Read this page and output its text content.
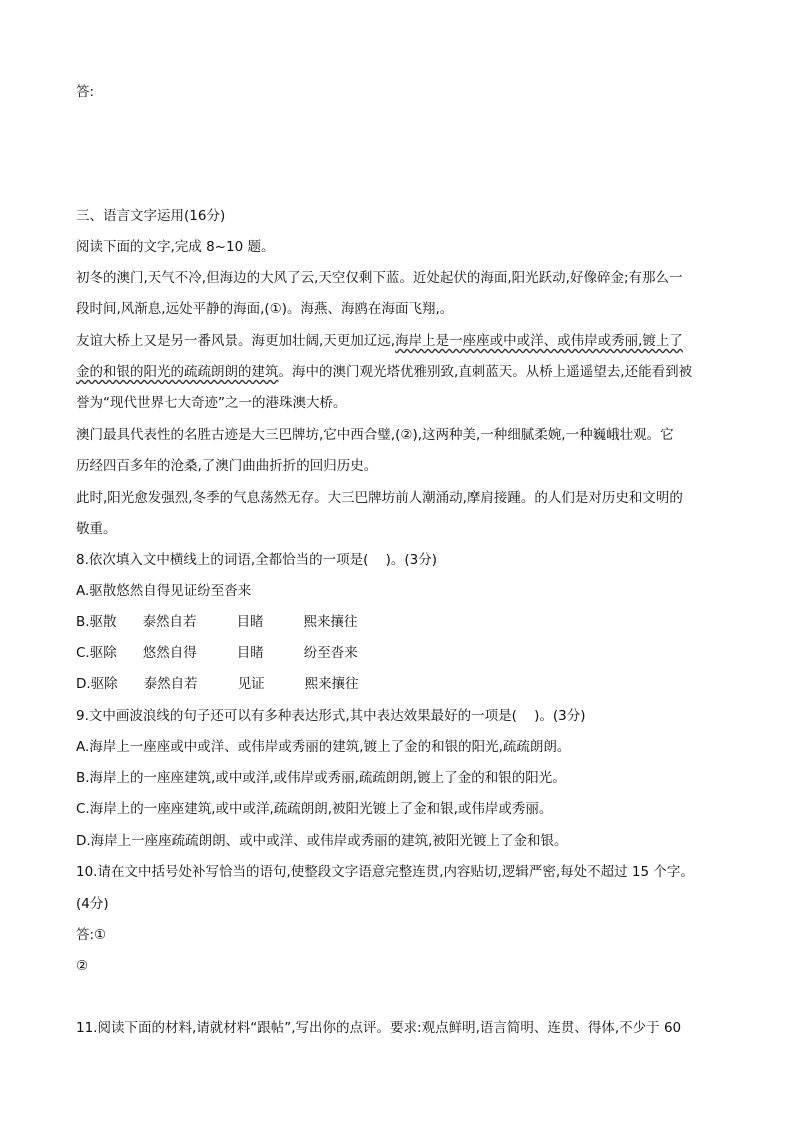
答:
三、语言文字运用(16分)
阅读下面的文字,完成 8~10 题。
初冬的澳门,天气不冷,但海边的大风了云,天空仅剩下蓝。近处起伏的海面,阳光跃动,好像碎金;有那么一
段时间,风渐息,远处平静的海面,(①)。海燕、海鸥在海面飞翔,。
友谊大桥上又是另一番风景。海更加壮阔,天更加辽远,海岸上是一座座或中或洋、或伟岸或秀丽,镀上了
金的和银的阳光的疏疏朗朗的建筑。海中的澳门观光塔优雅别致,直刺蓝天。从桥上遥遥望去,还能看到被
誉为“现代世界七大奇迹”之一的港珠澳大桥。
澳门最具代表性的名胜古迹是大三巴牌坊,它中西合璧,(②),这两种美,一种细腻柔婉,一种巍峨壮观。它
历经四百多年的沧桑,了澳门曲曲折折的回归历史。
此时,阳光愈发强烈,冬季的气息荡然无存。大三巴牌坊前人潮涌动,摩肩接踵。的人们是对历史和文明的
敬重。
8.依次填入文中横线上的词语,全都恰当的一项是(    )。(3分)
A.驱散悠然自得见证纷至沓来
B.驱散 泰然自若	目睹	熙来攘往
C.驱除 悠然自得	目睹	纷至沓来
D.驱除 泰然自若	见证	熙来攘往
9.文中画波浪线的句子还可以有多种表达形式,其中表达效果最好的一项是(    )。(3分)
A.海岸上一座座或中或洋、或伟岸或秀丽的建筑,镀上了金的和银的阳光,疏疏朗朗。
B.海岸上的一座座建筑,或中或洋,或伟岸或秀丽,疏疏朗朗,镀上了金的和银的阳光。
C.海岸上的一座座建筑,或中或洋,疏疏朗朗,被阳光镀上了金和银,或伟岸或秀丽。
D.海岸上一座座疏疏朗朗、或中或洋、或伟岸或秀丽的建筑,被阳光镀上了金和银。
10.请在文中括号处补写恰当的语句,使整段文字语意完整连贯,内容贴切,逻辑严密,每处不超过 15 个字。
(4分)
答:①
②
11.阅读下面的材料,请就材料“跟帖”,写出你的点评。要求:观点鲜明,语言简明、连贯、得体,不少于 60
